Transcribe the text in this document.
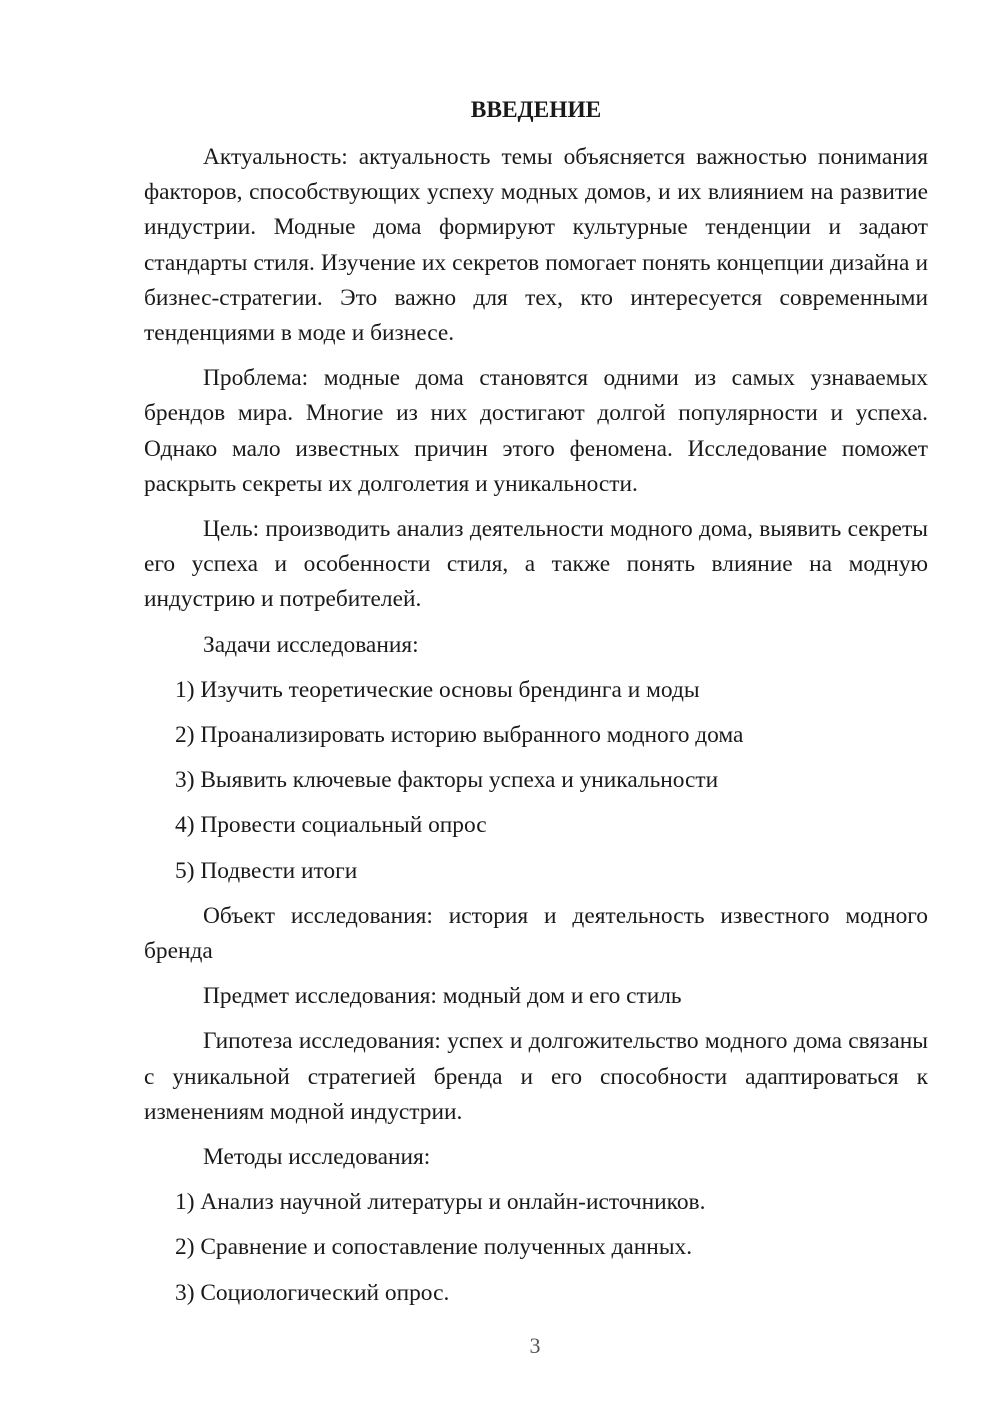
ВВЕДЕНИЕ

Актуальность: актуальность темы объясняется важностью понимания факторов, способствующих успеху модных домов, и их влиянием на развитие индустрии. Модные дома формируют культурные тенденции и задают стандарты стиля. Изучение их секретов помогает понять концепции дизайна и бизнес-стратегии. Это важно для тех, кто интересуется современными тенденциями в моде и бизнесе.

Проблема: модные дома становятся одними из самых узнаваемых брендов мира. Многие из них достигают долгой популярности и успеха. Однако мало известных причин этого феномена. Исследование поможет раскрыть секреты их долголетия и уникальности.

Цель: производить анализ деятельности модного дома, выявить секреты его успеха и особенности стиля, а также понять влияние на модную индустрию и потребителей.

Задачи исследования:

1) Изучить теоретические основы брендинга и моды
2) Проанализировать историю выбранного модного дома
3) Выявить ключевые факторы успеха и уникальности
4) Провести социальный опрос
5) Подвести итоги

Объект исследования: история и деятельность известного модного бренда

Предмет исследования: модный дом и его стиль

Гипотеза исследования: успех и долгожительство модного дома связаны с уникальной стратегией бренда и его способности адаптироваться к изменениям модной индустрии.

Методы исследования:

1) Анализ научной литературы и онлайн-источников.
2) Сравнение и сопоставление полученных данных.
3) Социологический опрос.
3
